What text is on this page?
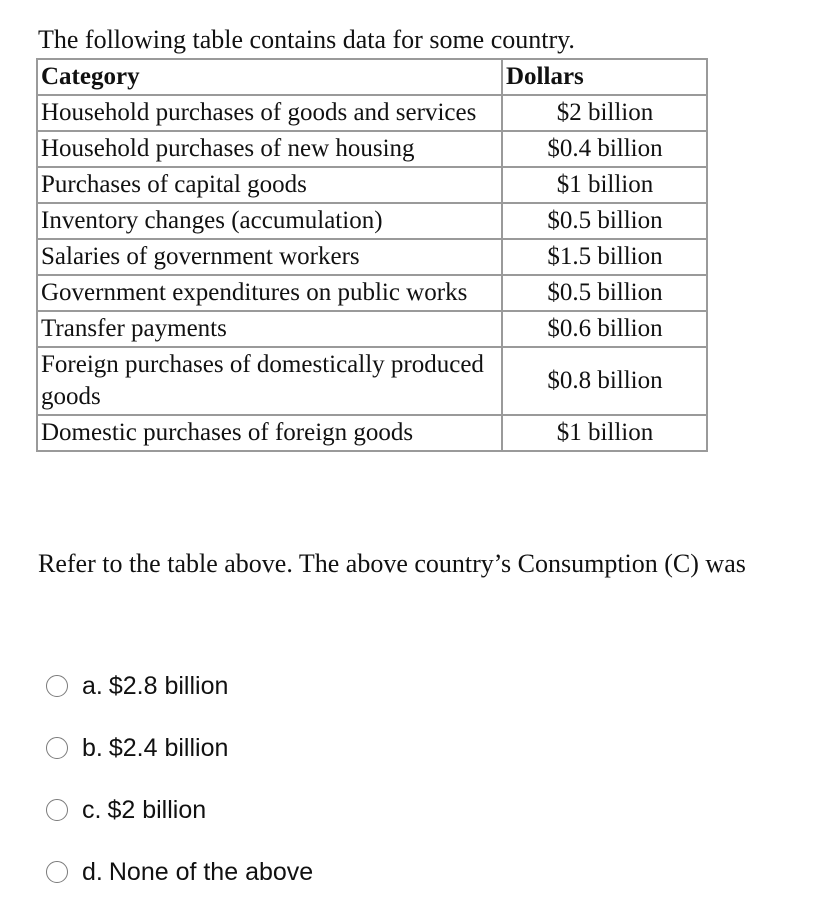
The following table contains data for some country.
Category	Dollars
Household purchases of goods and services	$2 billion
Household purchases of new housing	$0.4 billion
Purchases of capital goods	$1 billion
Inventory changes (accumulation)	$0.5 billion
Salaries of government workers	$1.5 billion
Government expenditures on public works	$0.5 billion
Transfer payments	$0.6 billion
Foreign purchases of domestically produced goods	$0.8 billion
Domestic purchases of foreign goods	$1 billion
Refer to the table above. The above country’s Consumption (C) was
a. $2.8 billion
b. $2.4 billion
c. $2 billion
d. None of the above
